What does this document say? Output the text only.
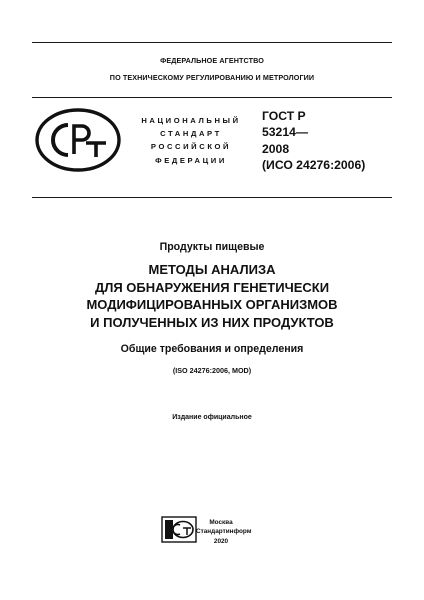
ФЕДЕРАЛЬНОЕ АГЕНТСТВО
ПО ТЕХНИЧЕСКОМУ РЕГУЛИРОВАНИЮ И МЕТРОЛОГИИ
НАЦИОНАЛЬНЫЙ
СТАНДАРТ
РОССИЙСКОЙ
ФЕДЕРАЦИИ
ГОСТ Р
53214—
2008
(ИСО 24276:2006)
Продукты пищевые
МЕТОДЫ АНАЛИЗА
ДЛЯ ОБНАРУЖЕНИЯ ГЕНЕТИЧЕСКИ
МОДИФИЦИРОВАННЫХ ОРГАНИЗМОВ
И ПОЛУЧЕННЫХ ИЗ НИХ ПРОДУКТОВ
Общие требования и определения
(ISO 24276:2006, MOD)
Издание официальное
Москва
Стандартинформ
2020
